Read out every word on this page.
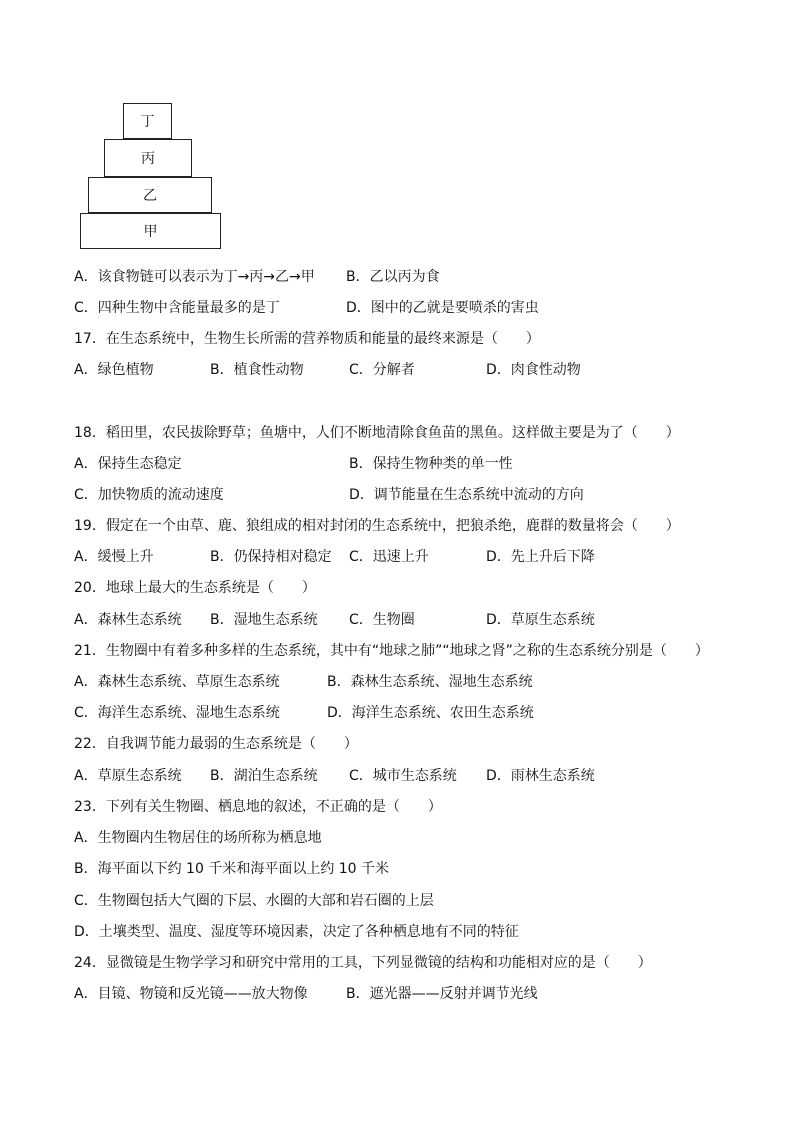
丁
丙
乙
甲
A．该食物链可以表示为丁→丙→乙→甲 B．乙以丙为食
C．四种生物中含能量最多的是丁	D．图中的乙就是要喷杀的害虫
17．在生态系统中，生物生长所需的营养物质和能量的最终来源是（　　）
A．绿色植物	B．植食性动物	C．分解者	D．肉食性动物
18．稻田里，农民拔除野草；鱼塘中，人们不断地清除食鱼苗的黑鱼。这样做主要是为了（　　）
A．保持生态稳定	B．保持生物种类的单一性
C．加快物质的流动速度	D．调节能量在生态系统中流动的方向
19．假定在一个由草、鹿、狼组成的相对封闭的生态系统中，把狼杀绝，鹿群的数量将会（　　）
A．缓慢上升	B．仍保持相对稳定 C．迅速上升	D．先上升后下降
20．地球上最大的生态系统是（　　）
A．森林生态系统 B．湿地生态系统 C．生物圈	D．草原生态系统
21．生物圈中有着多种多样的生态系统，其中有“地球之肺”“地球之肾”之称的生态系统分别是（　　）
A．森林生态系统、草原生态系统	B．森林生态系统、湿地生态系统
C．海洋生态系统、湿地生态系统	D．海洋生态系统、农田生态系统
22．自我调节能力最弱的生态系统是（　　）
A．草原生态系统 B．湖泊生态系统 C．城市生态系统 D．雨林生态系统
23．下列有关生物圈、栖息地的叙述，不正确的是（　　）
A．生物圈内生物居住的场所称为栖息地
B．海平面以下约 10 千米和海平面以上约 10 千米
C．生物圈包括大气圈的下层、水圈的大部和岩石圈的上层
D．土壤类型、温度、湿度等环境因素，决定了各种栖息地有不同的特征
24．显微镜是生物学学习和研究中常用的工具，下列显微镜的结构和功能相对应的是（　　）
A．目镜、物镜和反光镜——放大物像	B．遮光器——反射并调节光线
